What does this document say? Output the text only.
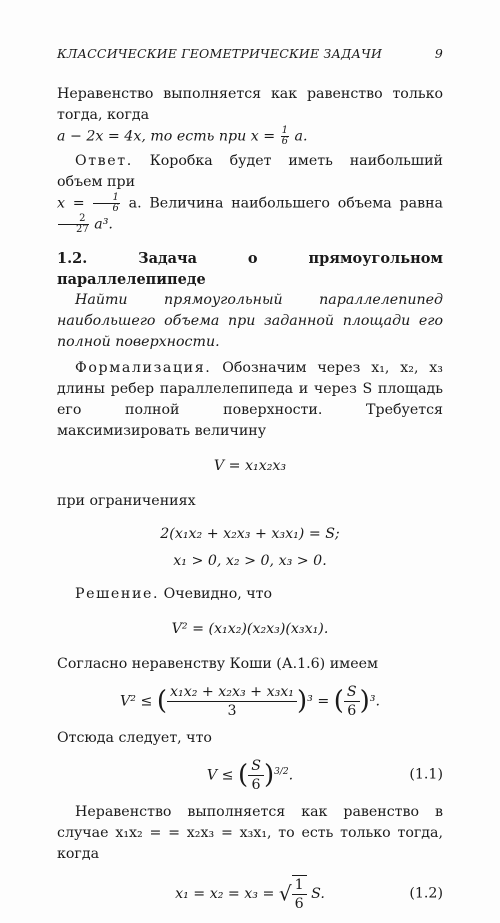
КЛАССИЧЕСКИЕ ГЕОМЕТРИЧЕСКИЕ ЗАДАЧИ	9

Неравенство выполняется как равенство только тогда, когда
a − 2x = 4x, то есть при $x = \frac{1}{6} a$.

Ответ. Коробка будет иметь наибольший объем при
$x = \frac{1}{6} a$. Величина наибольшего объема равна
$\frac{2}{27} a^3$.

1.2. Задача о прямоугольном параллелепипеде

Найти прямоугольный параллелепипед наибольшего объема при заданной площади его полной поверхности.

Формализация. Обозначим через x₁, x₂, x₃ длины ребер параллелепипеда и через S площадь его полной поверхности. Требуется максимизировать величину

V = x₁x₂x₃

при ограничениях

2(x₁x₂ + x₂x₃ + x₃x₁) = S;
x₁ > 0, x₂ > 0, x₃ > 0.

Решение. Очевидно, что

V² = (x₁x₂)(x₂x₃)(x₃x₁).

Согласно неравенству Коши (А.1.6) имеем

V² ≤ ( $\frac{\text{x₁x₂ + x₂x₃ + x₃x₁}}{3} )^3$ = ( $\frac{S}{6} )^3$.

Отсюда следует, что

V ≤ ( $\frac{S}{6} )^{3/2}$.	(1.1)

Неравенство выполняется как равенство в случае x₁x₂ = = x₂x₃ = x₃x₁, то есть только тогда, когда

x₁ = x₂ = x₃ = √ $\frac{1}{6} S$.	(1.2)
